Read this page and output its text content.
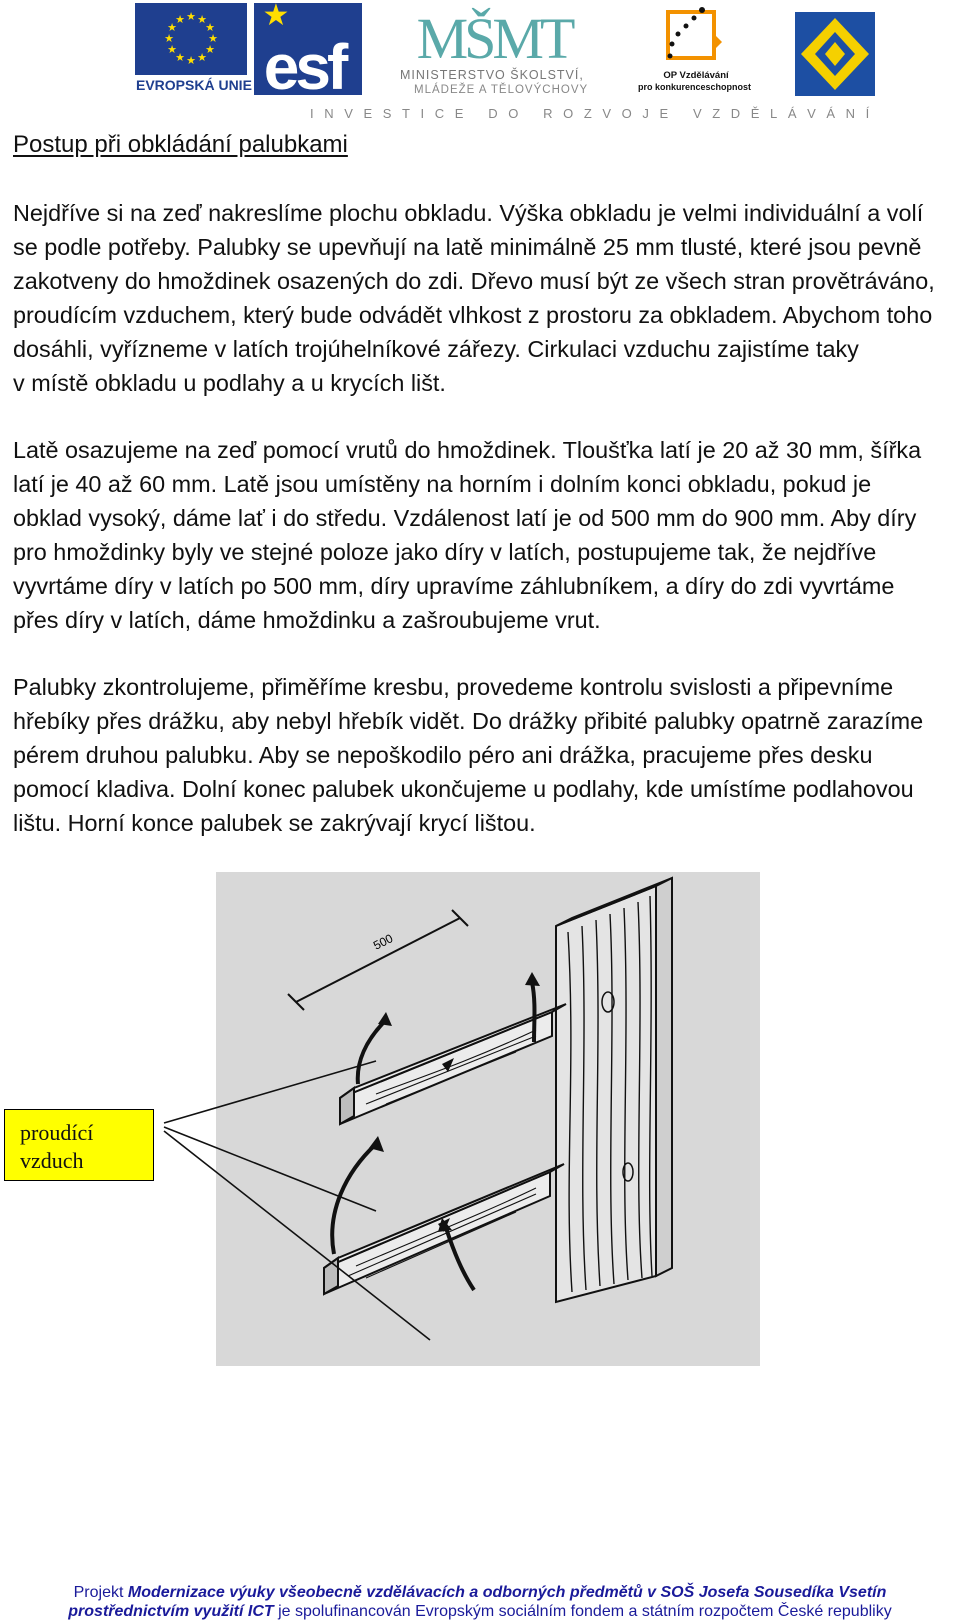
★ ★
★
★
★
★
★
★
★
★
★
★
EVROPSKÁ UNIE
★
esf MŠMT
MINISTERSTVO ŠKOLSTVÍ,
MLÁDEŽE A TĚLOVÝCHOVY
OP Vzdělávání
pro konkurenceschopnost
INVESTICE DO ROZVOJE VZDĚLÁVÁNÍ
Postup při obkládání palubkami
Nejdříve si na zeď nakreslíme plochu obkladu. Výška obkladu je velmi individuální a volí
se podle potřeby. Palubky se upevňují na latě minimálně 25 mm tlusté, které jsou pevně
zakotveny do hmoždinek osazených do zdi. Dřevo musí být ze všech stran provětráváno,
proudícím vzduchem, který bude odvádět vlhkost z prostoru za obkladem. Abychom toho
dosáhli, vyřízneme v latích trojúhelníkové zářezy. Cirkulaci vzduchu zajistíme taky
v místě obkladu u podlahy a u krycích lišt.
Latě osazujeme na zeď pomocí vrutů do hmoždinek. Tloušťka latí je 20 až 30 mm, šířka
latí je 40 až 60 mm. Latě jsou umístěny na horním i dolním konci obkladu, pokud je
obklad vysoký, dáme lať i do středu. Vzdálenost latí je od 500 mm do 900 mm. Aby díry
pro hmoždinky byly ve stejné poloze jako díry v latích, postupujeme tak, že nejdříve
vyvrtáme díry v latích po 500 mm, díry upravíme záhlubníkem, a díry do zdi vyvrtáme
přes díry v latích, dáme hmoždinku a zašroubujeme vrut.
Palubky zkontrolujeme, přiměříme kresbu, provedeme kontrolu svislosti a připevníme
hřebíky přes drážku, aby nebyl hřebík vidět. Do drážky přibité palubky opatrně zarazíme
pérem druhou palubku. Aby se nepoškodilo péro ani drážka, pracujeme přes desku
pomocí kladiva. Dolní konec palubek ukončujeme u podlahy, kde umístíme podlahovou
lištu. Horní konce palubek se zakrývají krycí lištou.
500
proudící
vzduch
Projekt Modernizace výuky všeobecně vzdělávacích a odborných předmětů v SOŠ Josefa Sousedíka Vsetín
prostřednictvím využití ICT je spolufinancován Evropským sociálním fondem a státním rozpočtem České republiky
